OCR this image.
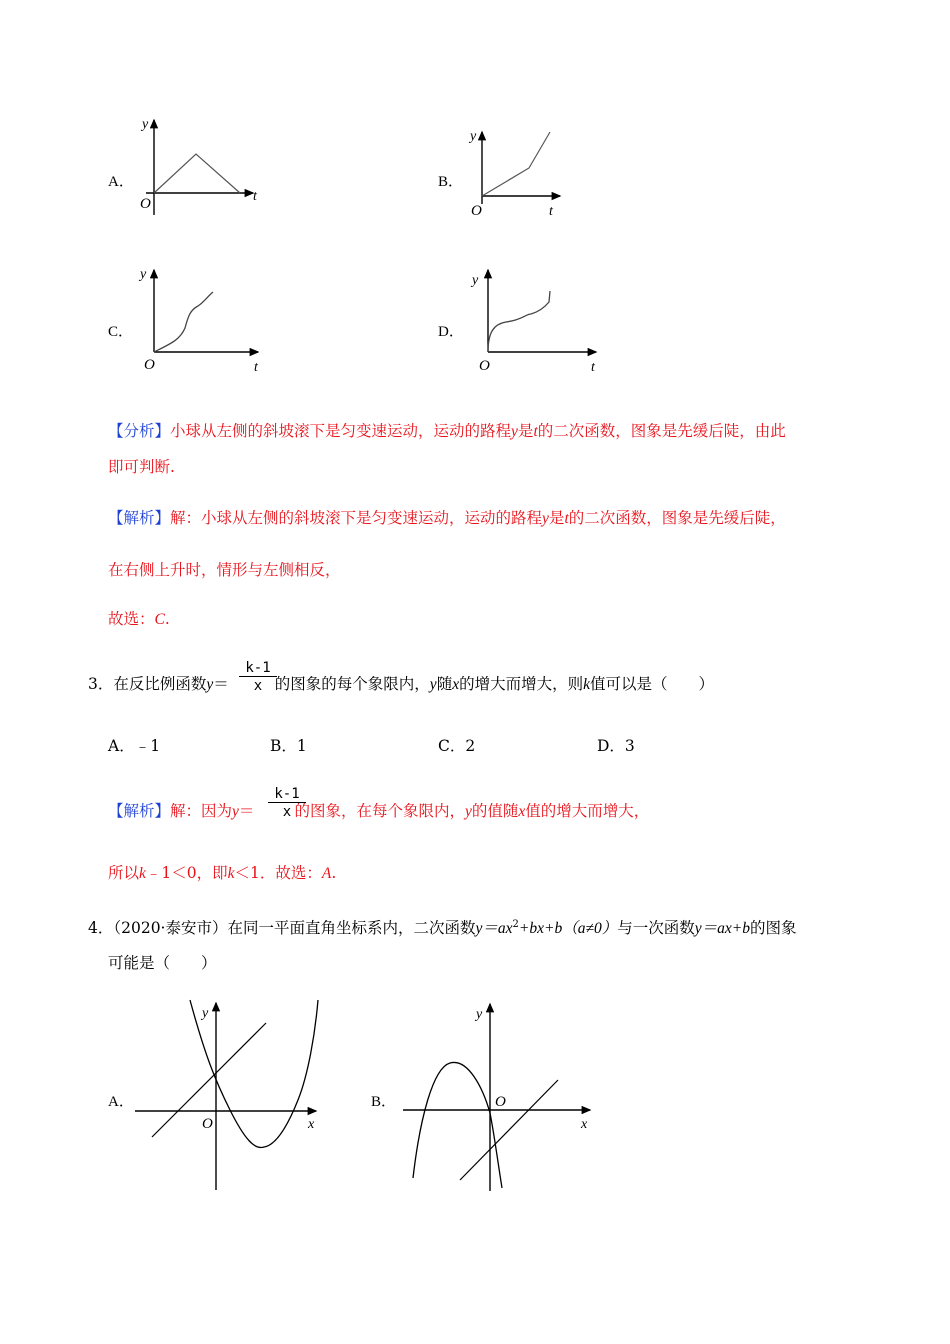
A．
y
O	t
B．
y
O	t
C．
y
O	t
D．
y
O	t
【分析】小球从左侧的斜坡滚下是匀变速运动，运动的路程y是t的二次函数，图象是先缓后陡，由此
即可判断.
【解析】解：小球从左侧的斜坡滚下是匀变速运动，运动的路程y是t的二次函数，图象是先缓后陡，
在右侧上升时，情形与左侧相反，
故选：C.
3．在反比例函数y＝	的图象的每个象限内，y随x的增大而增大，则k值可以是（　　）
k-1
x
A．﹣1	B．1	C．2	D．3
【解析】解：因为y＝	的图象，在每个象限内，y的值随x值的增大而增大，
k-1
x
所以k﹣1＜0，即k＜1．故选：A.
4．（2020·泰安市）在同一平面直角坐标系内，二次函数$y=ax^2+bx+b(a\ne 0)$与一次函数y＝ax+b的图象
可能是（　　）
A．
y
O	x
B．
y
O
x
